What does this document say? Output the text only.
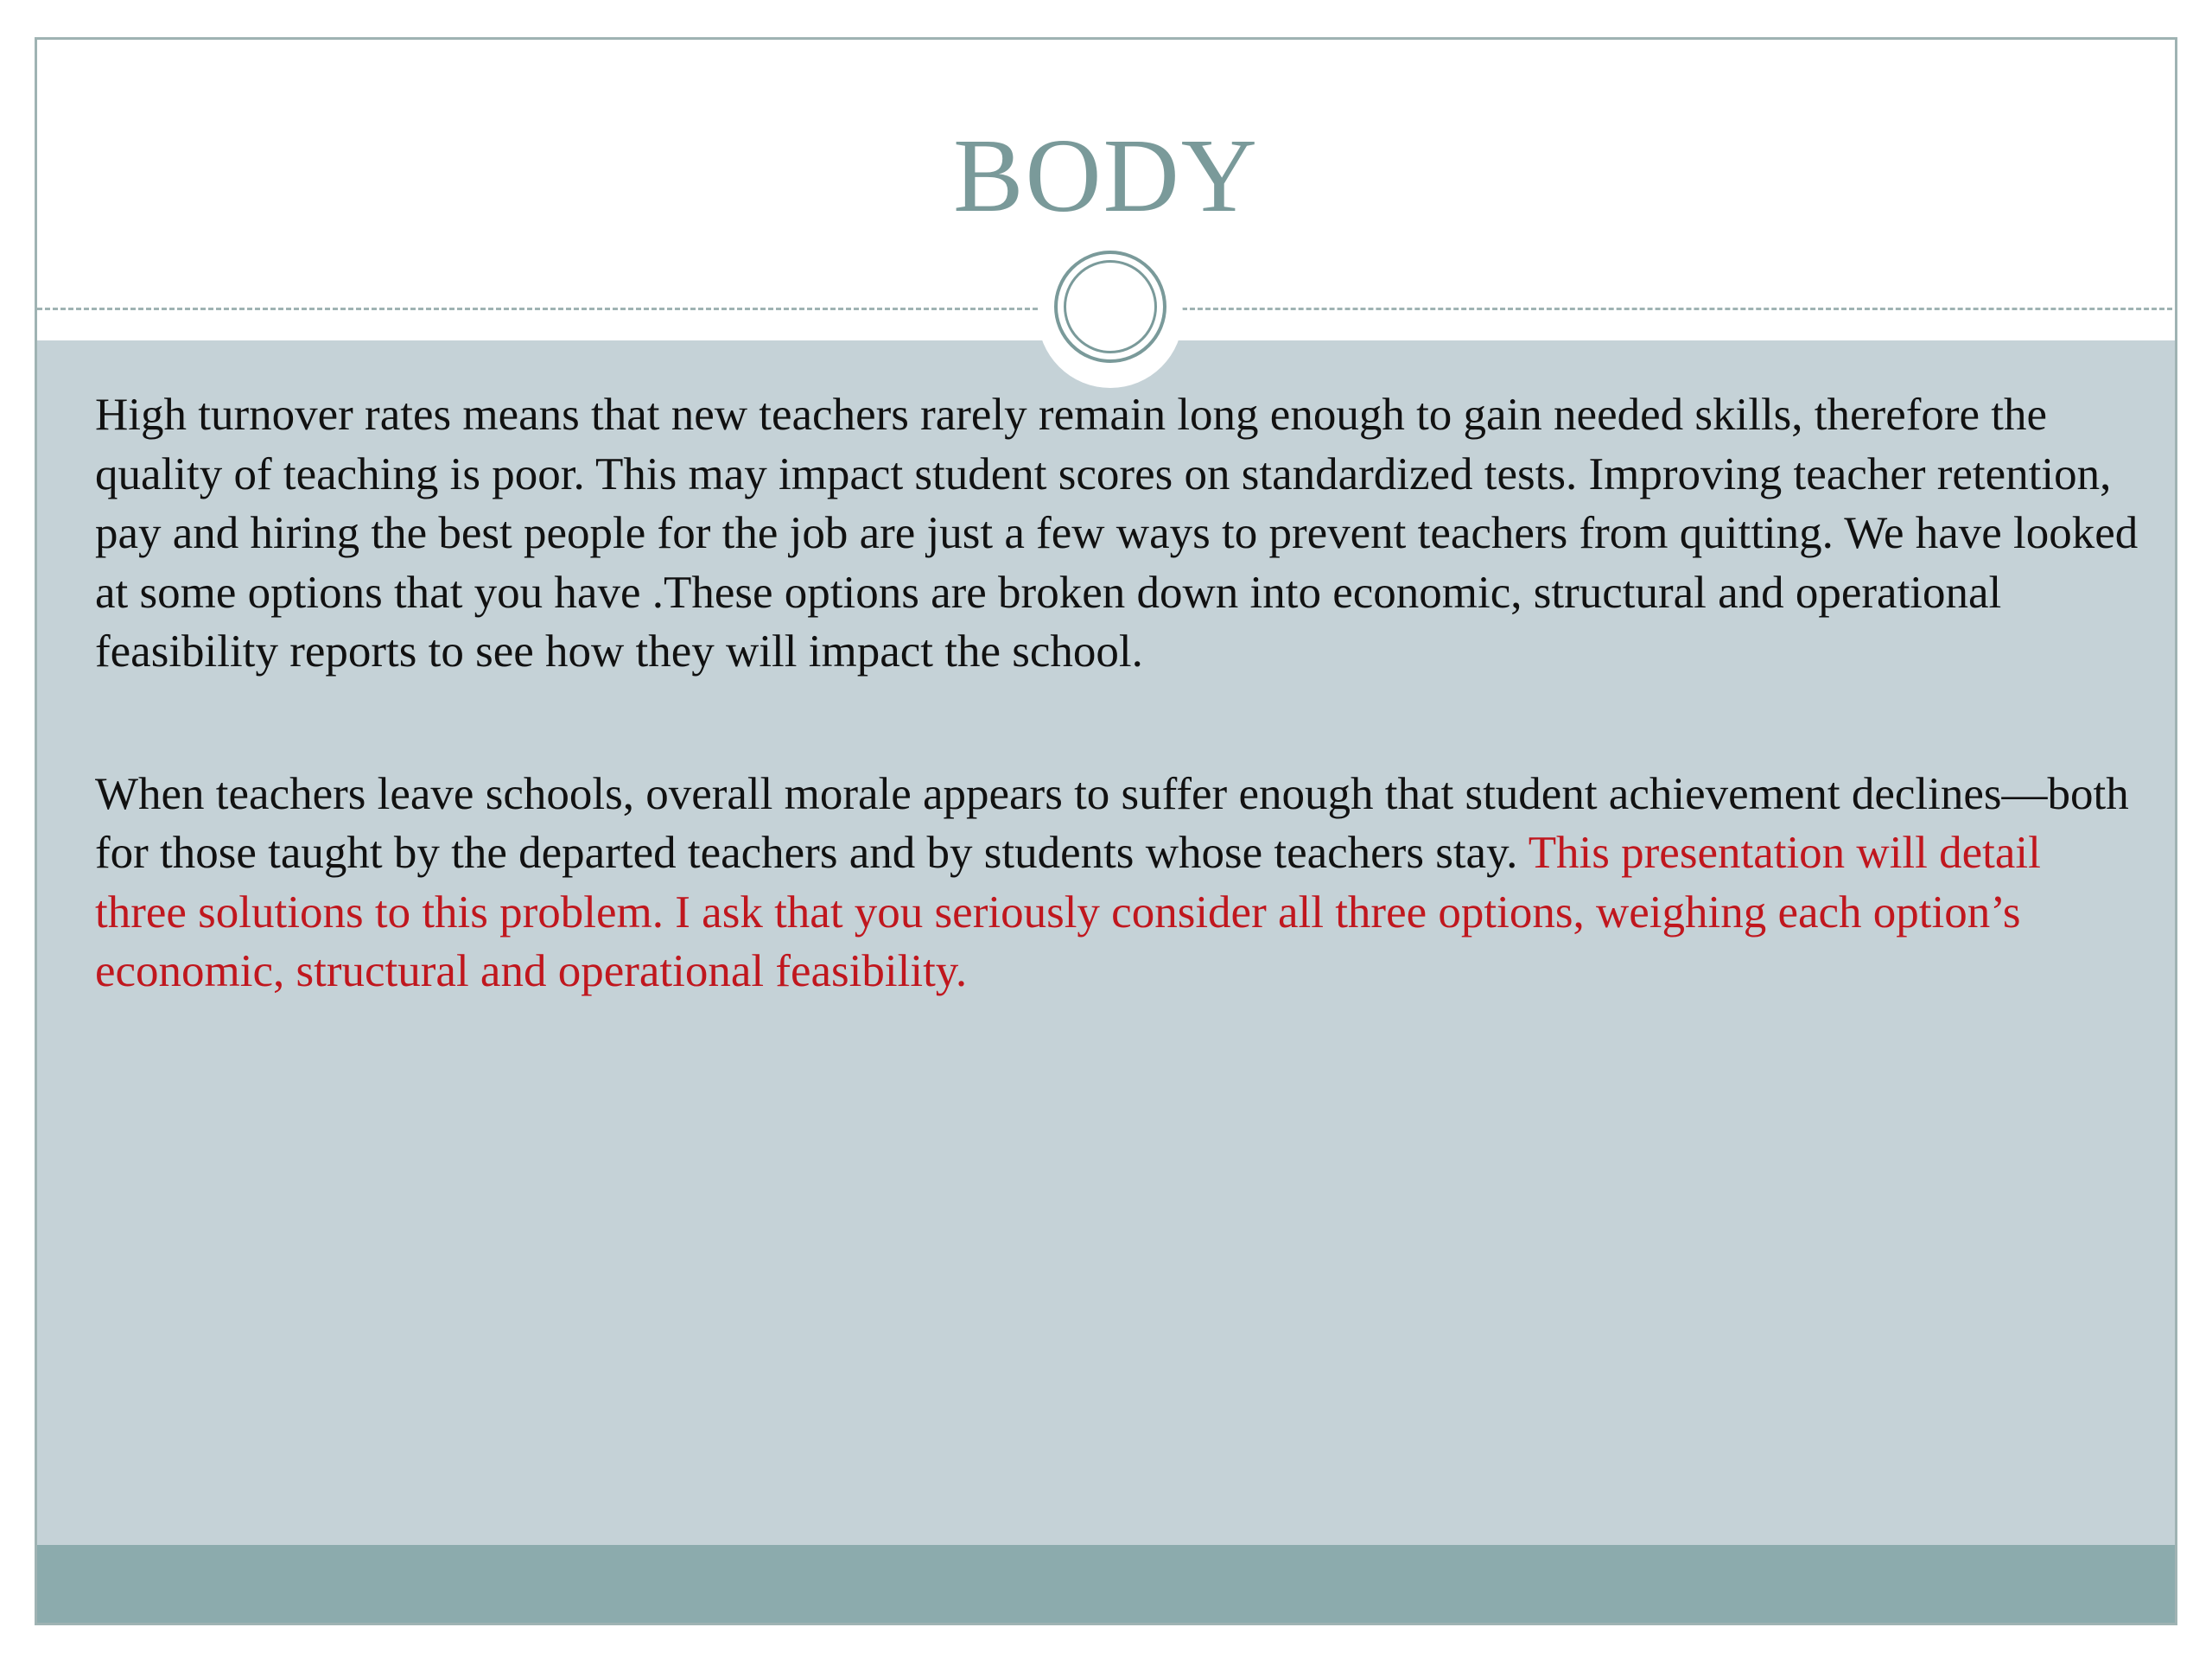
BODY

High turnover rates means that new teachers rarely remain long enough to gain needed skills, therefore the quality of teaching is poor. This may impact student scores on standardized tests. Improving teacher retention, pay and hiring the best people for the job are just a few ways to prevent teachers from quitting. We have looked at some options that you have .These options are broken down into economic, structural and operational feasibility reports to see how they will impact the school.

When teachers leave schools, overall morale appears to suffer enough that student achievement declines—both for those taught by the departed teachers and by students whose teachers stay. This presentation will detail three solutions to this problem. I ask that you seriously consider all three options, weighing each option’s economic, structural and operational feasibility.
